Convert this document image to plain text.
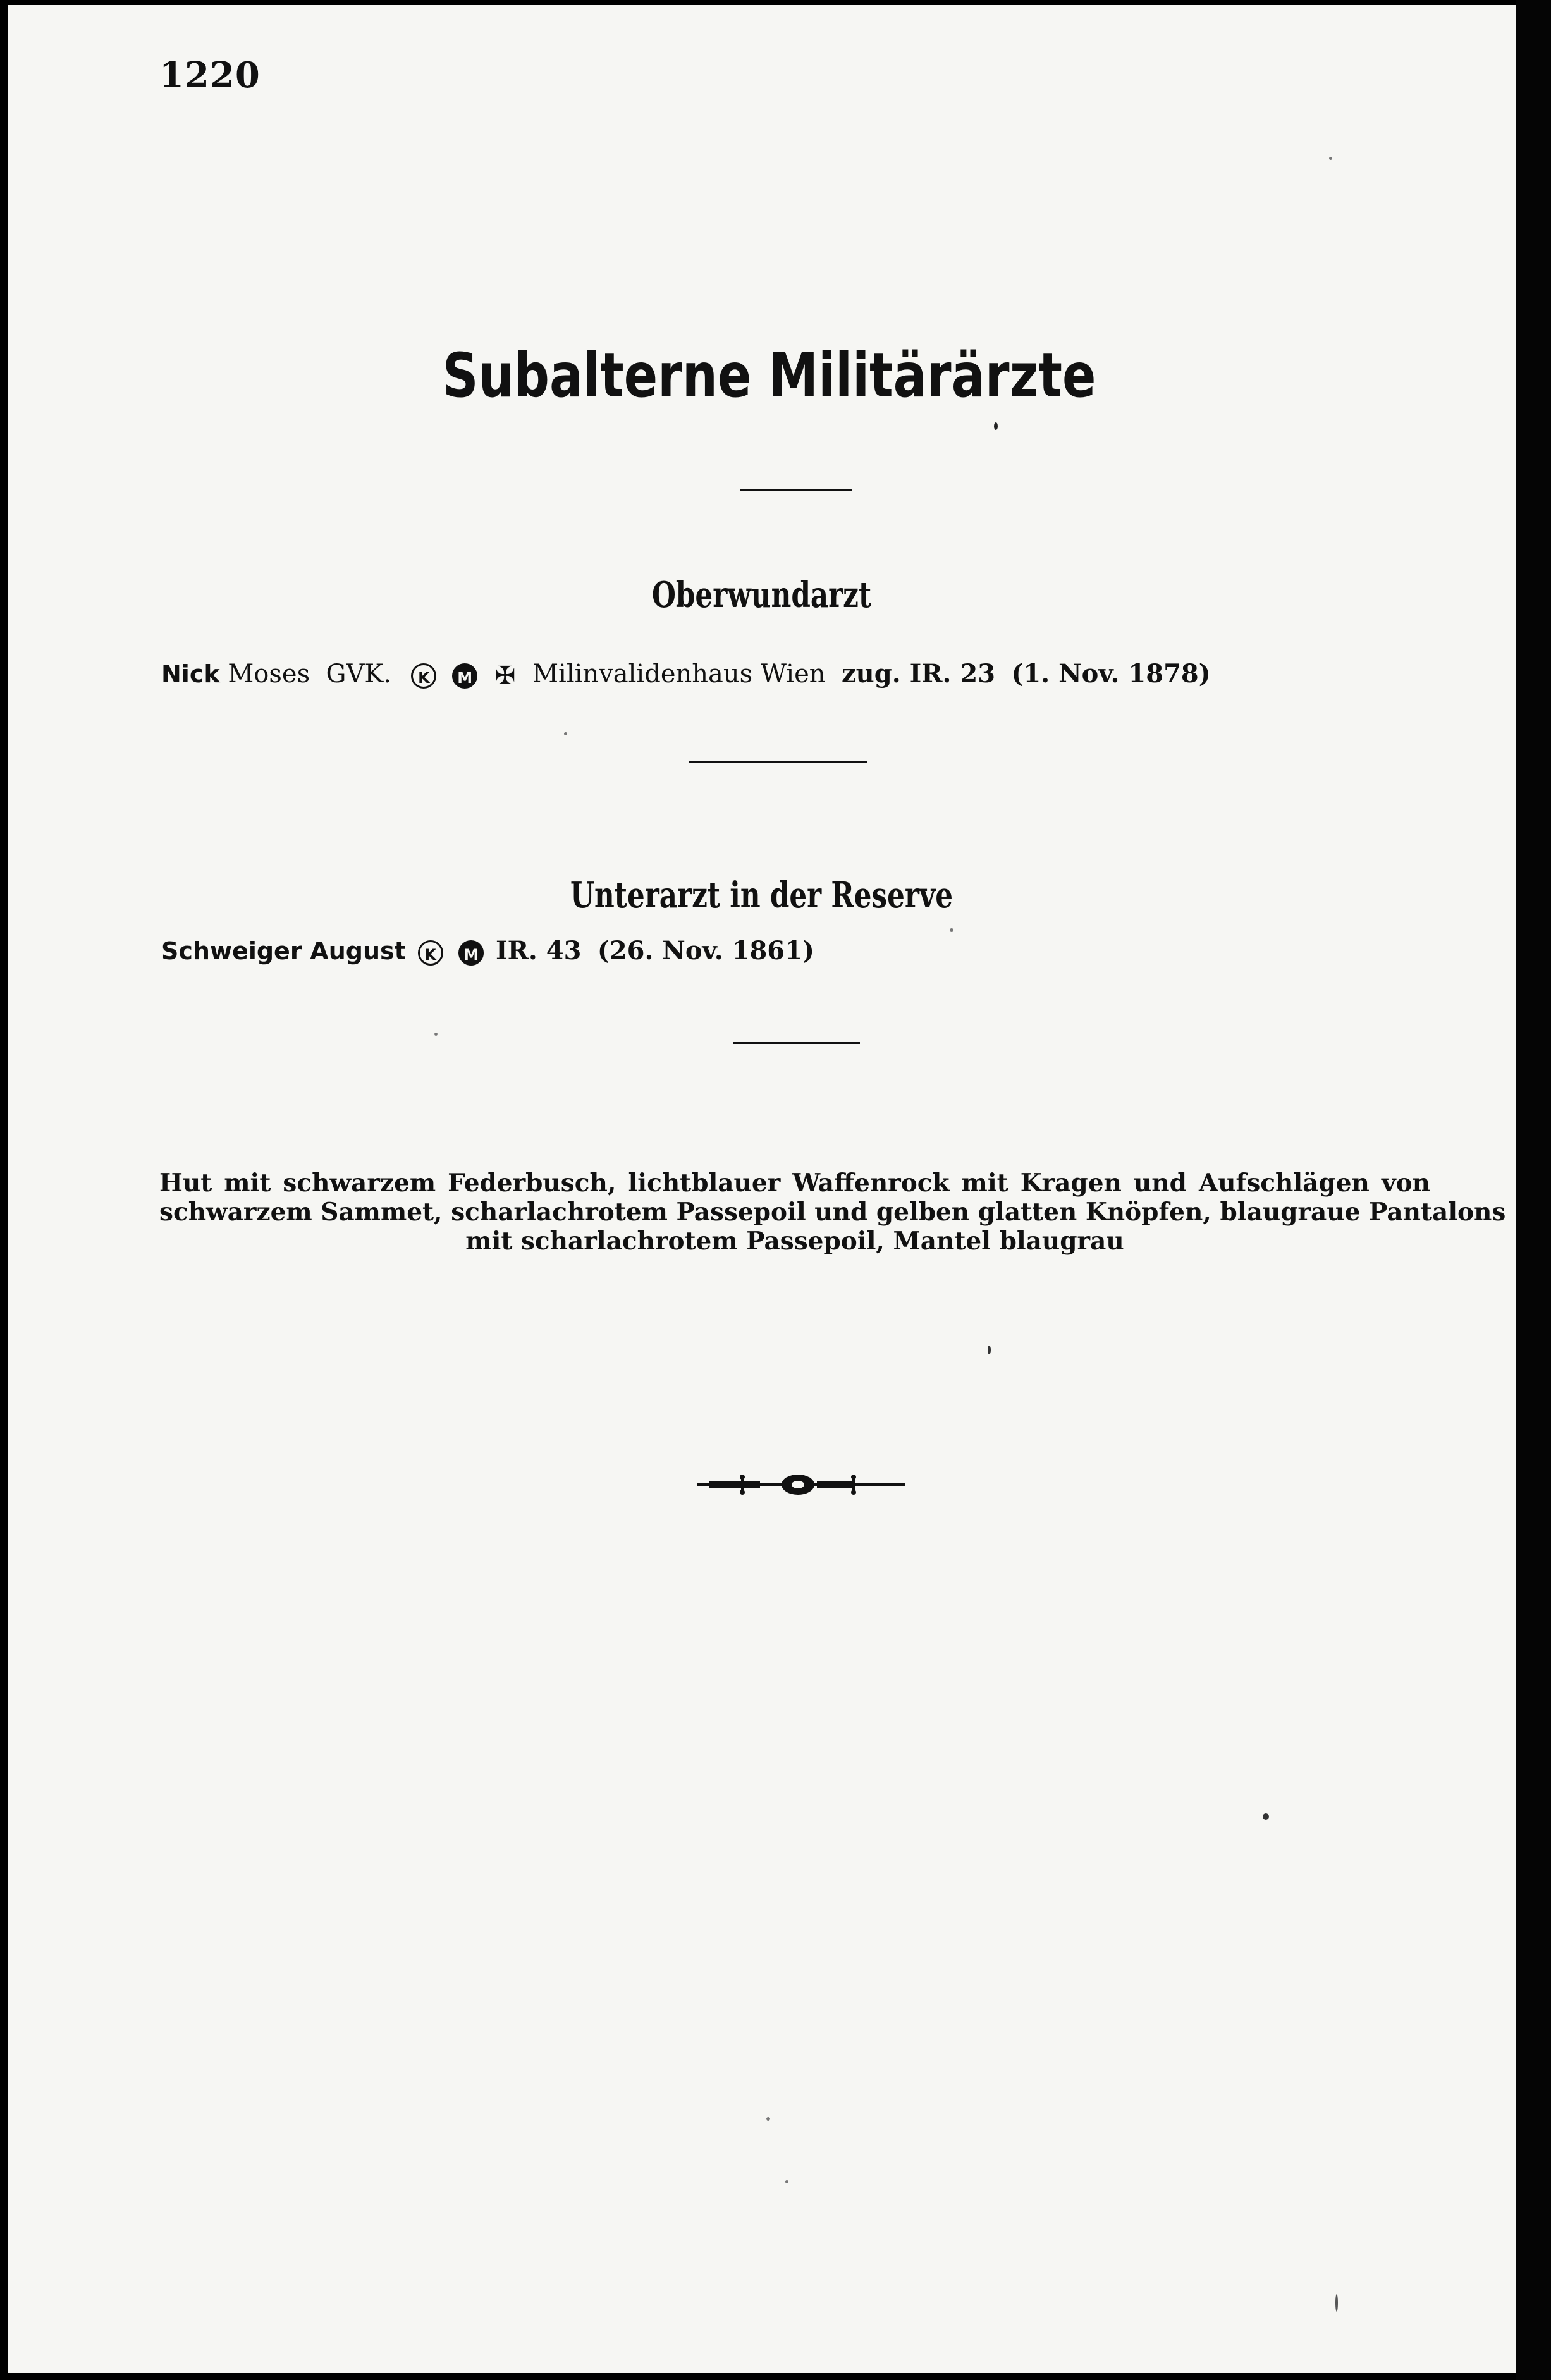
1220
Subalterne Militärärzte
Oberwundarzt
Nick Moses GVK. K M ✠ Milinvalidenhaus Wien zug. IR. 23 (1. Nov. 1878)
Unterarzt in der Reserve
Schweiger August K M IR. 43 (26. Nov. 1861)
Hut mit schwarzem Federbusch, lichtblauer Waffenrock mit Kragen und Aufschlägen von
schwarzem Sammet, scharlachrotem Passepoil und gelben glatten Knöpfen, blaugraue Pantalons
mit scharlachrotem Passepoil, Mantel blaugrau
